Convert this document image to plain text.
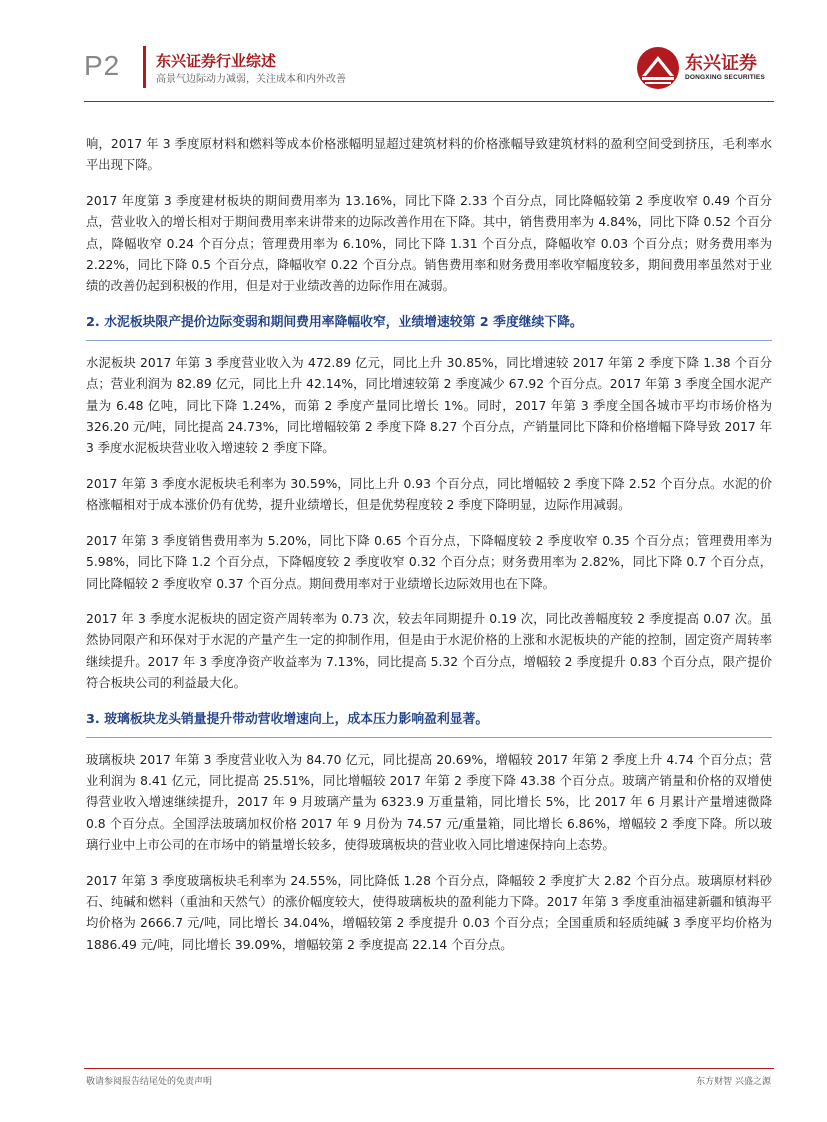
P2 东兴证券行业综述
高景气边际动力减弱，关注成本和内外改善
东兴证券
DONGXING SECURITIES

响，2017 年 3 季度原材料和燃料等成本价格涨幅明显超过建筑材料的价格涨幅导致建筑材料的盈利空间受到挤压，毛利率水平出现下降。

2017 年度第 3 季度建材板块的期间费用率为 13.16%，同比下降 2.33 个百分点，同比降幅较第 2 季度收窄 0.49 个百分点，营业收入的增长相对于期间费用率来讲带来的边际改善作用在下降。其中，销售费用率为 4.84%，同比下降 0.52 个百分点，降幅收窄 0.24 个百分点；管理费用率为 6.10%，同比下降 1.31 个百分点，降幅收窄 0.03 个百分点；财务费用率为 2.22%，同比下降 0.5 个百分点，降幅收窄 0.22 个百分点。销售费用率和财务费用率收窄幅度较多，期间费用率虽然对于业绩的改善仍起到积极的作用，但是对于业绩改善的边际作用在减弱。

2. 水泥板块限产提价边际变弱和期间费用率降幅收窄，业绩增速较第 2 季度继续下降。

水泥板块 2017 年第 3 季度营业收入为 472.89 亿元，同比上升 30.85%，同比增速较 2017 年第 2 季度下降 1.38 个百分点；营业利润为 82.89 亿元，同比上升 42.14%，同比增速较第 2 季度减少 67.92 个百分点。2017 年第 3 季度全国水泥产量为 6.48 亿吨，同比下降 1.24%，而第 2 季度产量同比增长 1%。同时，2017 年第 3 季度全国各城市平均市场价格为 326.20 元/吨，同比提高 24.73%，同比增幅较第 2 季度下降 8.27 个百分点，产销量同比下降和价格增幅下降导致 2017 年 3 季度水泥板块营业收入增速较 2 季度下降。

2017 年第 3 季度水泥板块毛利率为 30.59%，同比上升 0.93 个百分点，同比增幅较 2 季度下降 2.52 个百分点。水泥的价格涨幅相对于成本涨价仍有优势，提升业绩增长，但是优势程度较 2 季度下降明显，边际作用减弱。

2017 年第 3 季度销售费用率为 5.20%，同比下降 0.65 个百分点，下降幅度较 2 季度收窄 0.35 个百分点；管理费用率为 5.98%，同比下降 1.2 个百分点，下降幅度较 2 季度收窄 0.32 个百分点；财务费用率为 2.82%，同比下降 0.7 个百分点，同比降幅较 2 季度收窄 0.37 个百分点。期间费用率对于业绩增长边际效用也在下降。

2017 年 3 季度水泥板块的固定资产周转率为 0.73 次，较去年同期提升 0.19 次，同比改善幅度较 2 季度提高 0.07 次。虽然协同限产和环保对于水泥的产量产生一定的抑制作用，但是由于水泥价格的上涨和水泥板块的产能的控制，固定资产周转率继续提升。2017 年 3 季度净资产收益率为 7.13%，同比提高 5.32 个百分点，增幅较 2 季度提升 0.83 个百分点，限产提价符合板块公司的利益最大化。

3. 玻璃板块龙头销量提升带动营收增速向上，成本压力影响盈利显著。

玻璃板块 2017 年第 3 季度营业收入为 84.70 亿元，同比提高 20.69%，增幅较 2017 年第 2 季度上升 4.74 个百分点；营业利润为 8.41 亿元，同比提高 25.51%，同比增幅较 2017 年第 2 季度下降 43.38 个百分点。玻璃产销量和价格的双增使得营业收入增速继续提升，2017 年 9 月玻璃产量为 6323.9 万重量箱，同比增长 5%，比 2017 年 6 月累计产量增速微降 0.8 个百分点。全国浮法玻璃加权价格 2017 年 9 月份为 74.57 元/重量箱，同比增长 6.86%，增幅较 2 季度下降。所以玻璃行业中上市公司的在市场中的销量增长较多，使得玻璃板块的营业收入同比增速保持向上态势。

2017 年第 3 季度玻璃板块毛利率为 24.55%，同比降低 1.28 个百分点，降幅较 2 季度扩大 2.82 个百分点。玻璃原材料砂石、纯碱和燃料（重油和天然气）的涨价幅度较大，使得玻璃板块的盈利能力下降。2017 年第 3 季度重油福建新疆和镇海平均价格为 2666.7 元/吨，同比增长 34.04%，增幅较第 2 季度提升 0.03 个百分点；全国重质和轻质纯碱 3 季度平均价格为 1886.49 元/吨，同比增长 39.09%，增幅较第 2 季度提高 22.14 个百分点。

敬请参阅报告结尾处的免责声明	东方财智 兴盛之源
